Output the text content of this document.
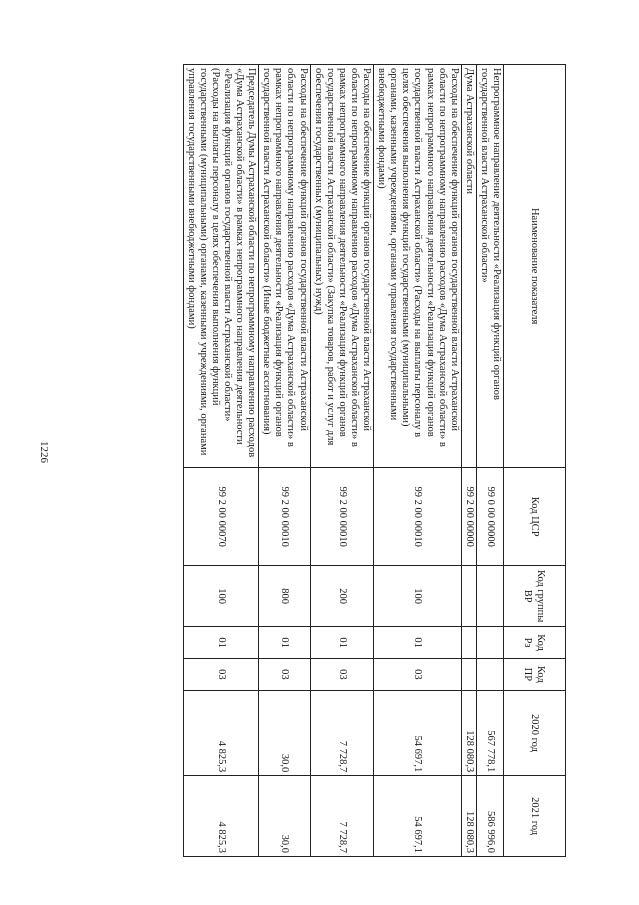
1226
Наименование показателя	Код ЦСР	Код группы ВР	Код Рз	Код ПР	2020 год	2021 год
Непрограммное направление деятельности «Реализация функций органов государственной власти Астраханской области»	99 0 00 00000				567 778,1	586 996,0
Дума Астраханской области	99 2 00 00000				128 080,3	128 080,3
Расходы на обеспечение функций органов государственной власти Астраханской области по непрограммному направлению расходов «Дума Астраханской области» в рамках непрограммного направления деятельности «Реализация функций органов государственной власти Астраханской области» (Расходы на выплаты персоналу в целях обеспечения выполнения функций государственными (муниципальными) органами, казенными учреждениями, органами управления государственными внебюджетными фондами)	99 2 00 00010	100	01	03	54 697,1	54 697,1
Расходы на обеспечение функций органов государственной власти Астраханской области по непрограммному направлению расходов «Дума Астраханской области» в рамках непрограммного направления деятельности «Реализация функций органов государственной власти Астраханской области» (Закупка товаров, работ и услуг для обеспечения государственных (муниципальных) нужд)	99 2 00 00010	200	01	03	7 728,7	7 728,7
Расходы на обеспечение функций органов государственной власти Астраханской области по непрограммному направлению расходов «Дума Астраханской области» в рамках непрограммного направления деятельности «Реализация функций органов государственной власти Астраханской области» (Иные бюджетные ассигнования)	99 2 00 00010	800	01	03	30,0	30,0
Председатель Думы Астраханской области по непрограммному направлению расходов «Дума Астраханской области» в рамках непрограммного направления деятельности «Реализация функций органов государственной власти Астраханской области» (Расходы на выплаты персоналу в целях обеспечения выполнения функций государственными (муниципальными) органами, казенными учреждениями, органами управления государственными внебюджетными фондами)	99 2 00 00070	100	01	03	4 825,3	4 825,3
